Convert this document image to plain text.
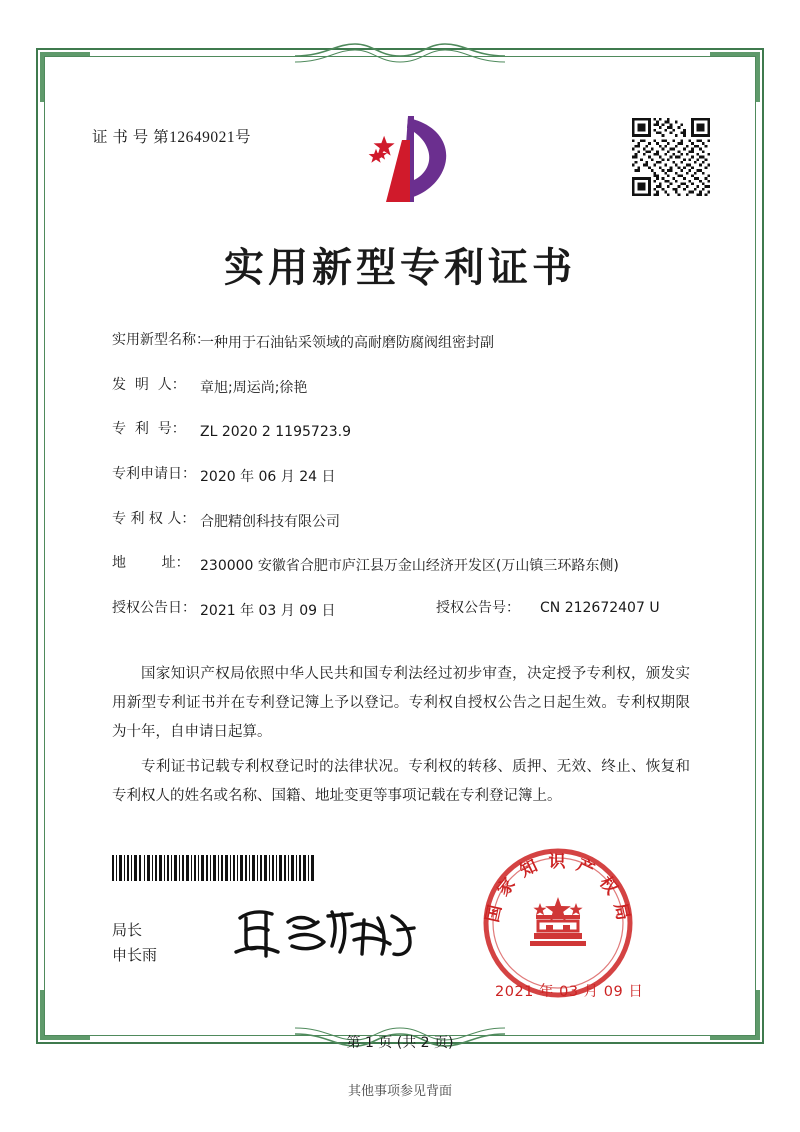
证 书 号 第12649021号
实用新型专利证书
实用新型名称：
一种用于石油钻采领域的高耐磨防腐阀组密封副
发  明  人：	章旭;周运尚;徐艳
专  利  号：	ZL 2020 2 1195723.9
专利申请日： 2020 年 06 月 24 日
专 利 权 人： 合肥精创科技有限公司
地        址： 230000 安徽省合肥市庐江县万金山经济开发区(万山镇三环路东侧)
授权公告日： 2021 年 03 月 09 日	授权公告号：	CN 212672407 U

国家知识产权局依照中华人民共和国专利法经过初步审查，决定授予专利权，颁发实用新型专利证书并在专利登记簿上予以登记。专利权自授权公告之日起生效。专利权期限为十年，自申请日起算。

专利证书记载专利权登记时的法律状况。专利权的转移、质押、无效、终止、恢复和专利权人的姓名或名称、国籍、地址变更等事项记载在专利登记簿上。

局长
申长雨
国 家 知 识 产 权 局
2021 年 03 月 09 日
第 1 页 (共 2 页)
其他事项参见背面
